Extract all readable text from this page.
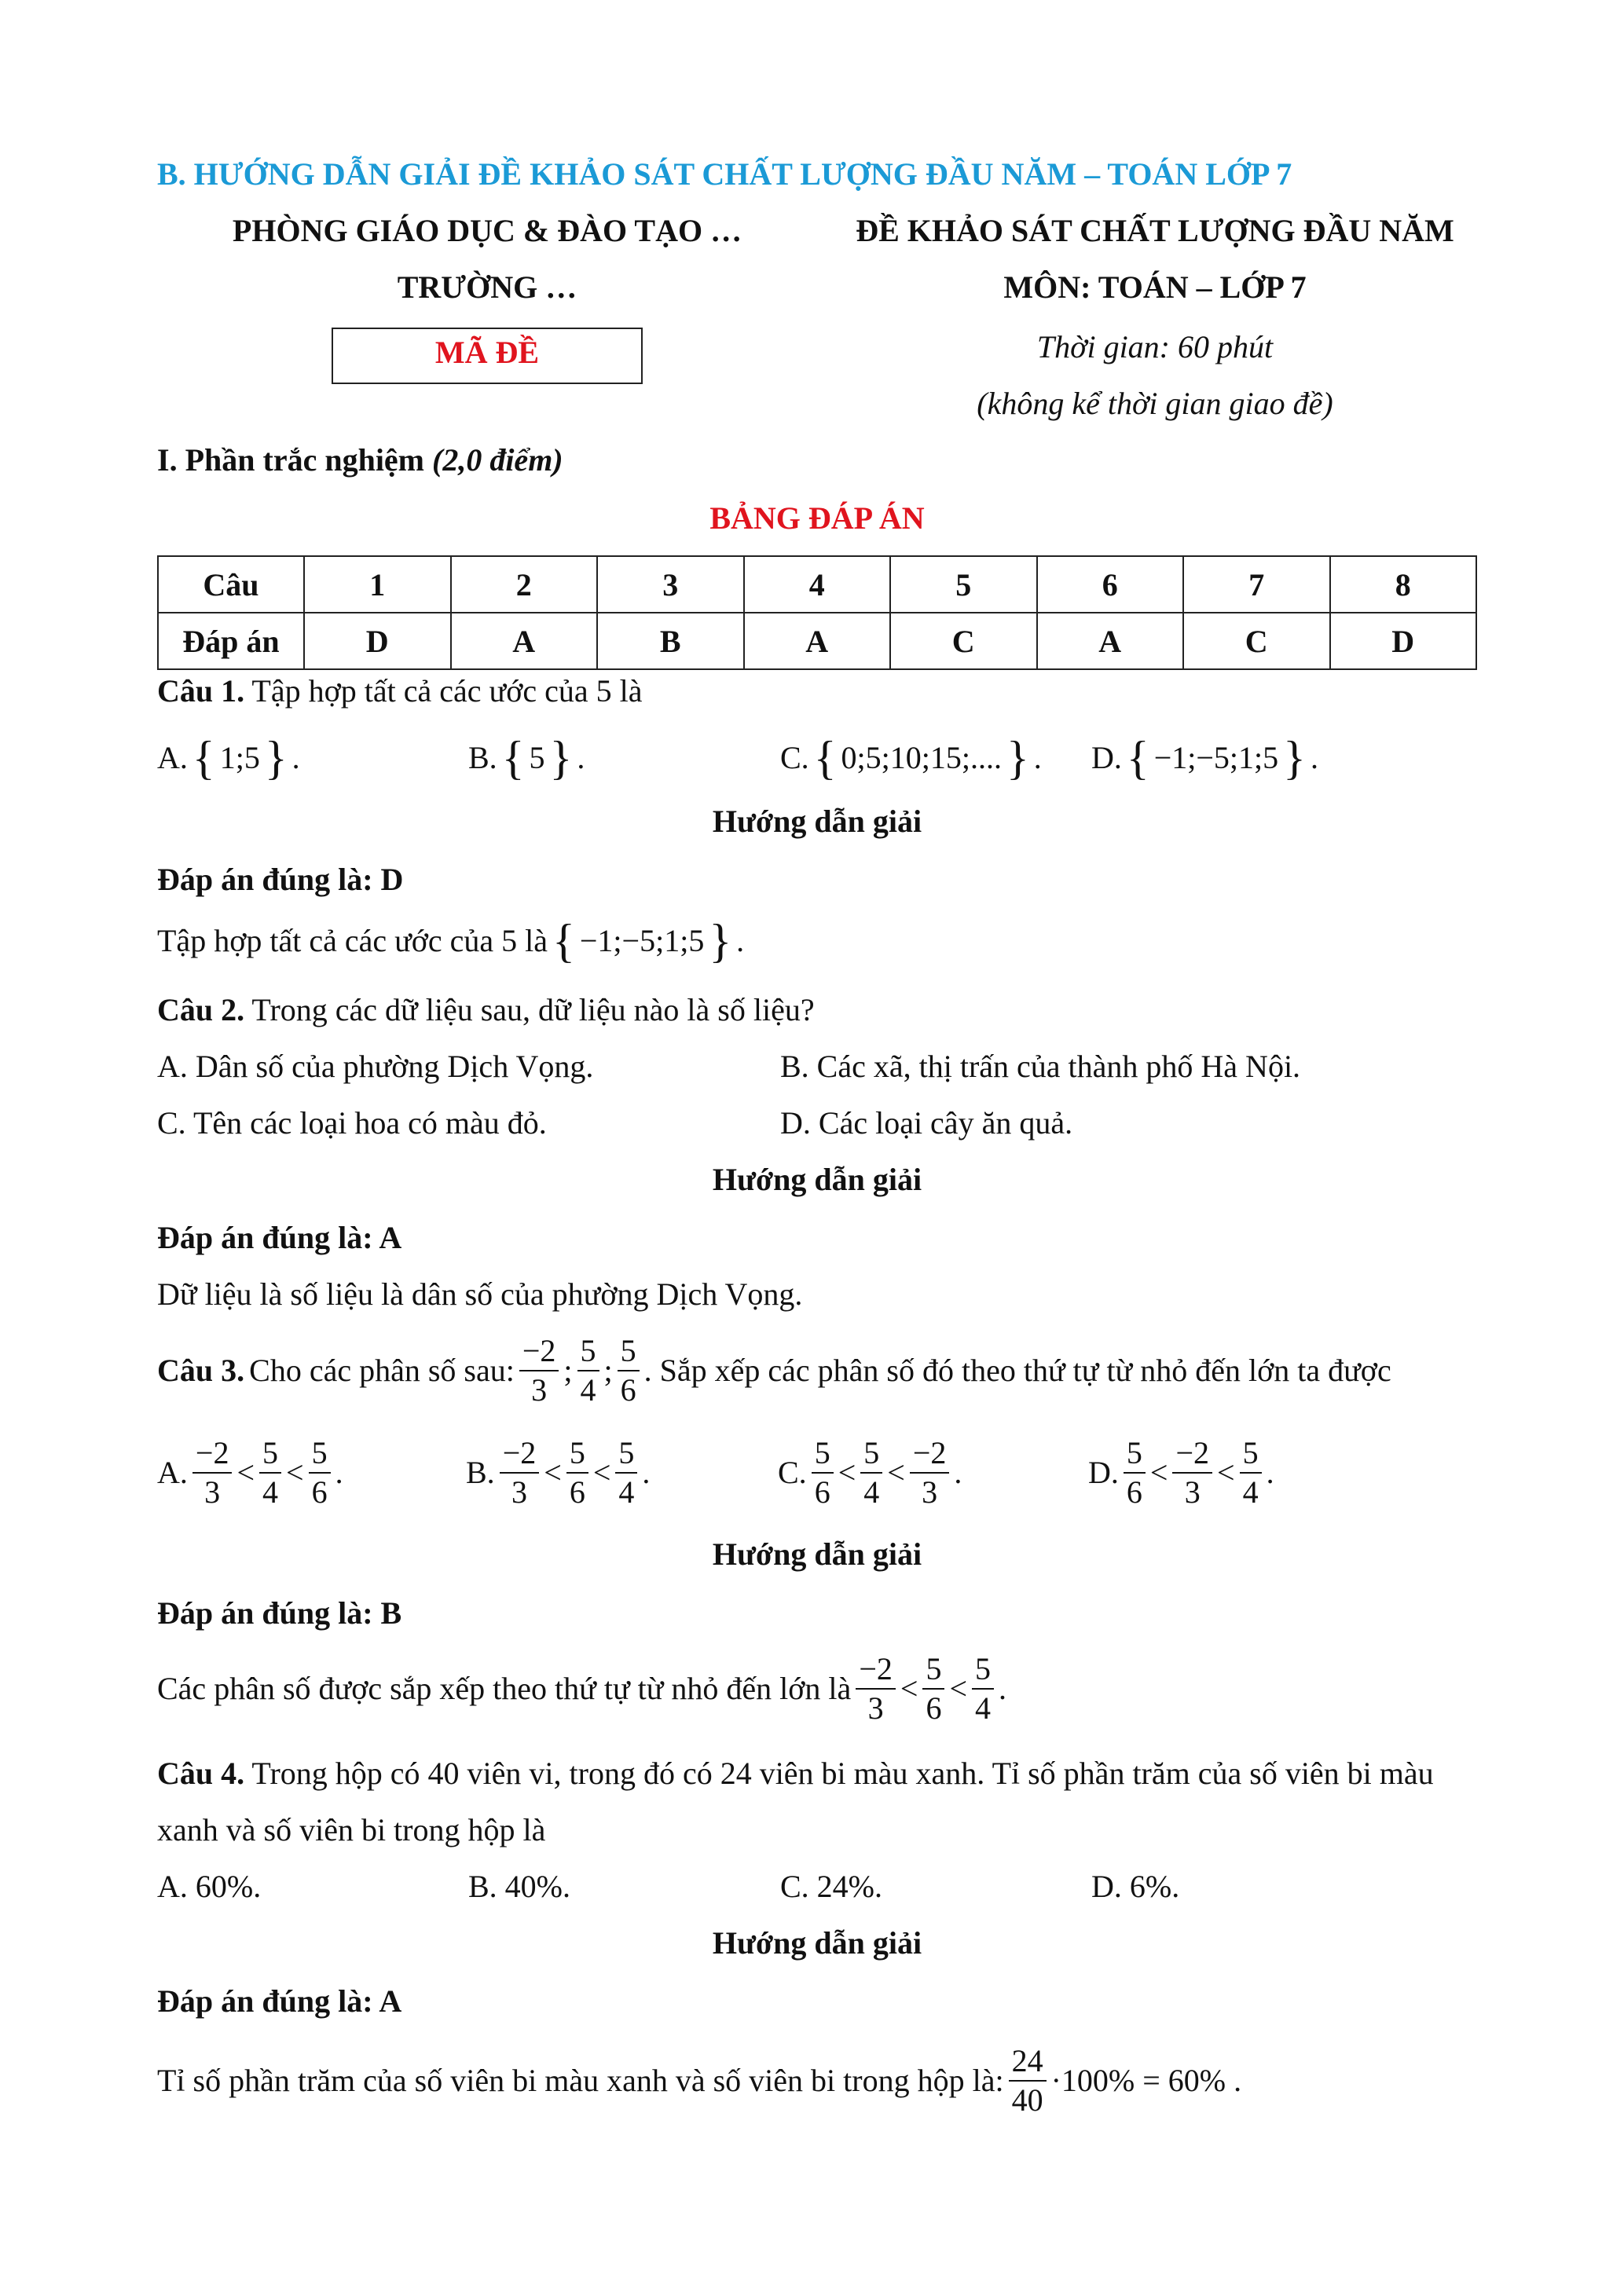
B. HƯỚNG DẪN GIẢI ĐỀ KHẢO SÁT CHẤT LƯỢNG ĐẦU NĂM – TOÁN LỚP 7
PHÒNG GIÁO DỤC & ĐÀO TẠO …
TRƯỜNG …
MÃ ĐỀ
ĐỀ KHẢO SÁT CHẤT LƯỢNG ĐẦU NĂM
MÔN: TOÁN – LỚP 7
Thời gian: 60 phút
(không kể thời gian giao đề)
I. Phần trắc nghiệm (2,0 điểm)
BẢNG ĐÁP ÁN
Câu	1	2	3	4	5	6	7	8
Đáp án	D	A	B	A	C	A	C	D
Câu 1. Tập hợp tất cả các ước của 5 là
A. { 1;5 } .	B. { 5 } .	C. { 0;5;10;15;.... } . D. { −1;−5;1;5 } .
Hướng dẫn giải
Đáp án đúng là: D
Tập hợp tất cả các ước của 5 là { −1;−5;1;5 } .
Câu 2. Trong các dữ liệu sau, dữ liệu nào là số liệu?
A. Dân số của phường Dịch Vọng.	B. Các xã, thị trấn của thành phố Hà Nội.
C. Tên các loại hoa có màu đỏ.	D. Các loại cây ăn quả.
Hướng dẫn giải
Đáp án đúng là: A
Dữ liệu là số liệu là dân số của phường Dịch Vọng.
Câu 3. Cho các phân số sau: $\frac{-2}{3}$ ; $\frac{5}{4}$ ; $\frac{5}{6}$ . Sắp xếp các phân số đó theo thứ tự từ nhỏ đến lớn ta được
A. $\frac{-2}{3} < \frac{5}{4} < \frac{5}{6}$ .	B. $\frac{-2}{3} < \frac{5}{6} < \frac{5}{4}$ .	C. $\frac{5}{6} < \frac{5}{4} < \frac{-2}{3}$ .	D. $\frac{5}{6} < \frac{-2}{3} < \frac{5}{4}$ .
Hướng dẫn giải
Đáp án đúng là: B
Các phân số được sắp xếp theo thứ tự từ nhỏ đến lớn là $\frac{-2}{3} < \frac{5}{6} < \frac{5}{4}$ .
Câu 4. Trong hộp có 40 viên vi, trong đó có 24 viên bi màu xanh. Tỉ số phần trăm của số viên bi màu
xanh và số viên bi trong hộp là
A. 60%.	B. 40%.	C. 24%.	D. 6%.
Hướng dẫn giải
Đáp án đúng là: A
Tỉ số phần trăm của số viên bi màu xanh và số viên bi trong hộp là: $\frac{24}{40} \cdot 100\% = 60\%$ .
